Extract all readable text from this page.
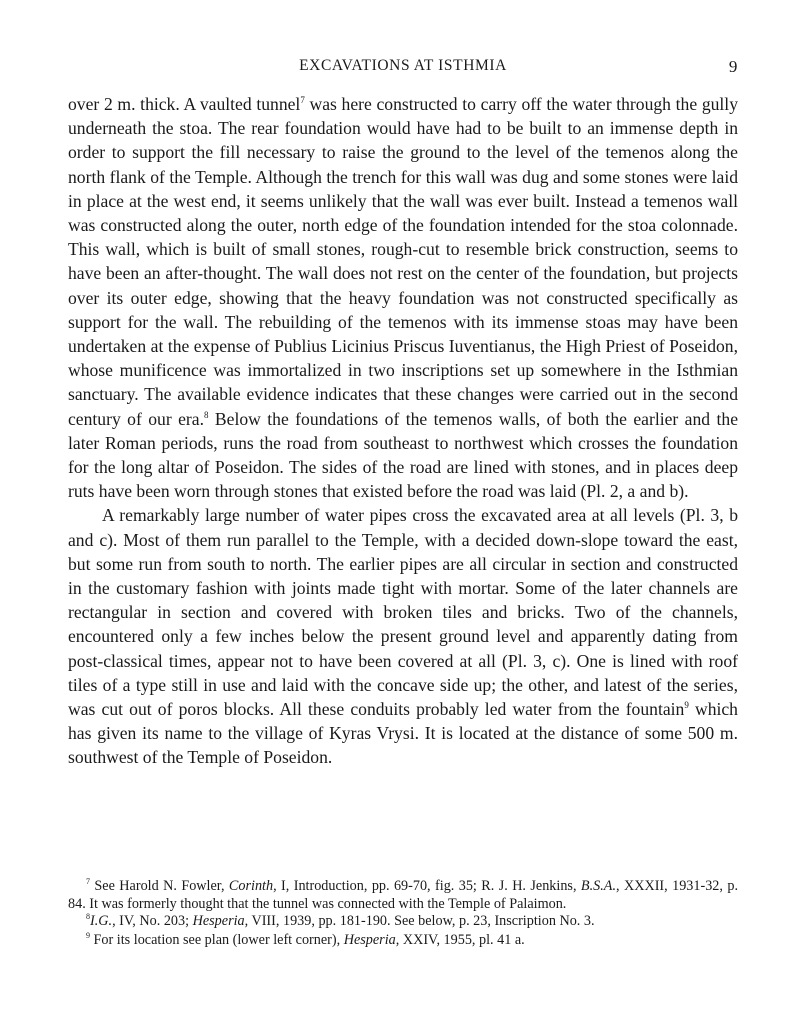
EXCAVATIONS AT ISTHMIA	9

over 2 m. thick. A vaulted tunnel$^7$ was here constructed to carry off the water through the gully underneath the stoa. The rear foundation would have had to be built to an immense depth in order to support the fill necessary to raise the ground to the level of the temenos along the north flank of the Temple. Although the trench for this wall was dug and some stones were laid in place at the west end, it seems unlikely that the wall was ever built. Instead a temenos wall was constructed along the outer, north edge of the foundation intended for the stoa colonnade. This wall, which is built of small stones, rough-cut to resemble brick construction, seems to have been an after-thought. The wall does not rest on the center of the foundation, but projects over its outer edge, showing that the heavy foundation was not constructed specifically as support for the wall. The rebuilding of the temenos with its immense stoas may have been undertaken at the expense of Publius Licinius Priscus Iuventianus, the High Priest of Poseidon, whose munificence was immortalized in two inscriptions set up somewhere in the Isthmian sanctuary. The available evidence indicates that these changes were carried out in the second century of our era.$^8$ Below the foundations of the temenos walls, of both the earlier and the later Roman periods, runs the road from southeast to northwest which crosses the foundation for the long altar of Poseidon. The sides of the road are lined with stones, and in places deep ruts have been worn through stones that existed before the road was laid (Pl. 2, a and b).

A remarkably large number of water pipes cross the excavated area at all levels (Pl. 3, b and c). Most of them run parallel to the Temple, with a decided down-slope toward the east, but some run from south to north. The earlier pipes are all circular in section and constructed in the customary fashion with joints made tight with mortar. Some of the later channels are rectangular in section and covered with broken tiles and bricks. Two of the channels, encountered only a few inches below the present ground level and apparently dating from post-classical times, appear not to have been covered at all (Pl. 3, c). One is lined with roof tiles of a type still in use and laid with the concave side up; the other, and latest of the series, was cut out of poros blocks. All these conduits probably led water from the fountain$^9$ which has given its name to the village of Kyras Vrysi. It is located at the distance of some 500 m. southwest of the Temple of Poseidon.

$^7$ See Harold N. Fowler, Corinth, I, Introduction, pp. 69-70, fig. 35; R. J. H. Jenkins, B.S.A., XXXII, 1931-32, p. 84. It was formerly thought that the tunnel was connected with the Temple of Palaimon.

$^8$I.G., IV, No. 203; Hesperia, VIII, 1939, pp. 181-190. See below, p. 23, Inscription No. 3.

$^9$ For its location see plan (lower left corner), Hesperia, XXIV, 1955, pl. 41 a.
